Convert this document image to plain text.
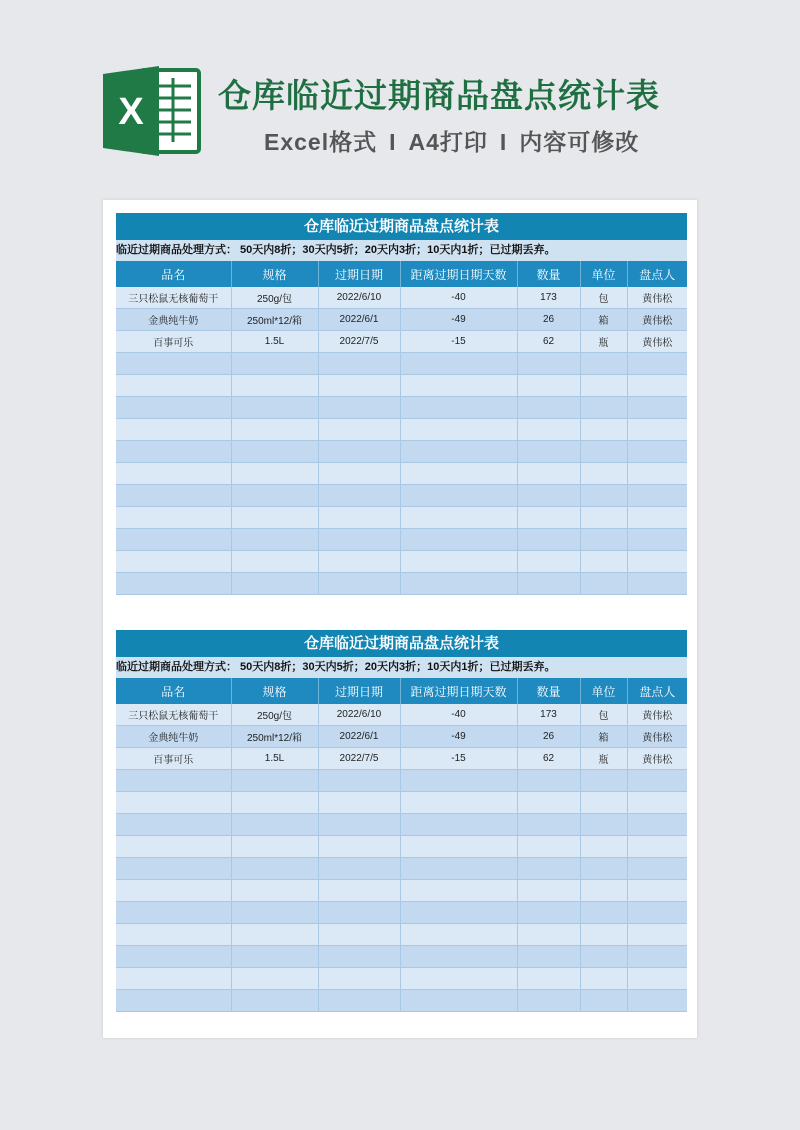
X 仓库临近过期商品盘点统计表
Excel格式 I A4打印 I 内容可修改
仓库临近过期商品盘点统计表
临近过期商品处理方式： 50天内8折；30天内5折；20天内3折；10天内1折；已过期丢弃。
品名	规格	过期日期	距离过期日期天数	数量	单位	盘点人
三只松鼠无核葡萄干	250g/包	2022/6/10	-40	173	包	黄伟松
金典纯牛奶	250ml*12/箱	2022/6/1	-49	26	箱	黄伟松
百事可乐	1.5L	2022/7/5	-15	62	瓶	黄伟松

仓库临近过期商品盘点统计表
临近过期商品处理方式： 50天内8折；30天内5折；20天内3折；10天内1折；已过期丢弃。
品名	规格	过期日期	距离过期日期天数	数量	单位	盘点人
三只松鼠无核葡萄干	250g/包	2022/6/10	-40	173	包	黄伟松
金典纯牛奶	250ml*12/箱	2022/6/1	-49	26	箱	黄伟松
百事可乐	1.5L	2022/7/5	-15	62	瓶	黄伟松
